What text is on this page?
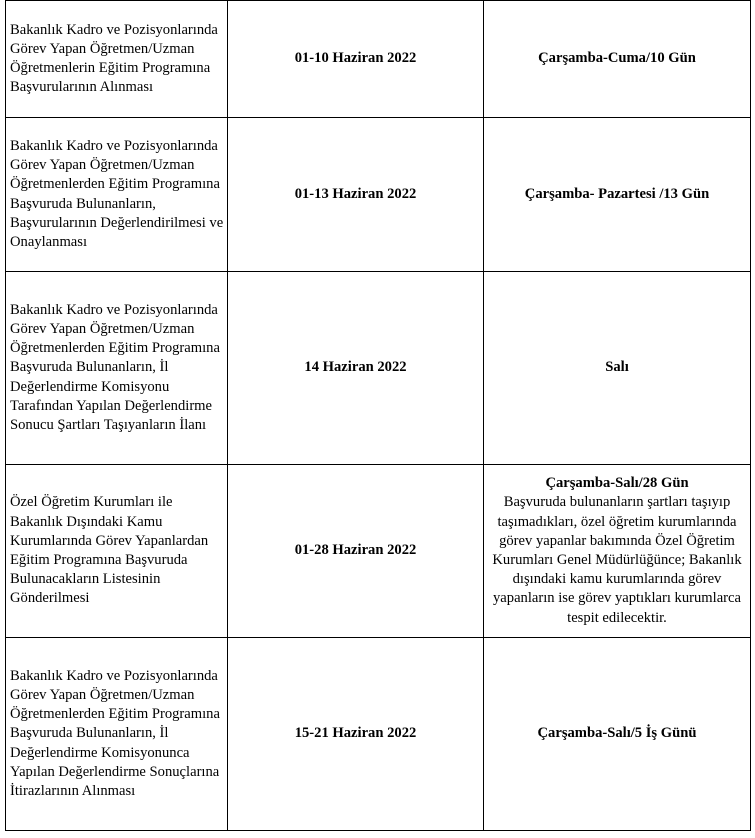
Bakanlık Kadro ve Pozisyonlarında Görev Yapan Öğretmen/Uzman Öğretmenlerin Eğitim Programına Başvurularının Alınması	01-10 Haziran 2022	Çarşamba-Cuma/10 Gün

Bakanlık Kadro ve Pozisyonlarında Görev Yapan Öğretmen/Uzman Öğretmenlerden Eğitim Programına Başvuruda Bulunanların, Başvurularının Değerlendirilmesi ve Onaylanması	01-13 Haziran 2022	Çarşamba- Pazartesi /13 Gün

Bakanlık Kadro ve Pozisyonlarında Görev Yapan Öğretmen/Uzman Öğretmenlerden Eğitim Programına Başvuruda Bulunanların, İl Değerlendirme Komisyonu Tarafından Yapılan Değerlendirme Sonucu Şartları Taşıyanların İlanı	14 Haziran 2022	Salı

Özel Öğretim Kurumları ile Bakanlık Dışındaki Kamu Kurumlarında Görev Yapanlardan Eğitim Programına Başvuruda Bulunacakların Listesinin Gönderilmesi	01-28 Haziran 2022	Çarşamba-Salı/28 Gün
Başvuruda bulunanların şartları taşıyıp taşımadıkları, özel öğretim kurumlarında görev yapanlar bakımında Özel Öğretim Kurumları Genel Müdürlüğünce; Bakanlık dışındaki kamu kurumlarında görev yapanların ise görev yaptıkları kurumlarca tespit edilecektir.

Bakanlık Kadro ve Pozisyonlarında Görev Yapan Öğretmen/Uzman Öğretmenlerden Eğitim Programına Başvuruda Bulunanların, İl Değerlendirme Komisyonunca Yapılan Değerlendirme Sonuçlarına İtirazlarının Alınması	15-21 Haziran 2022	Çarşamba-Salı/5 İş Günü
